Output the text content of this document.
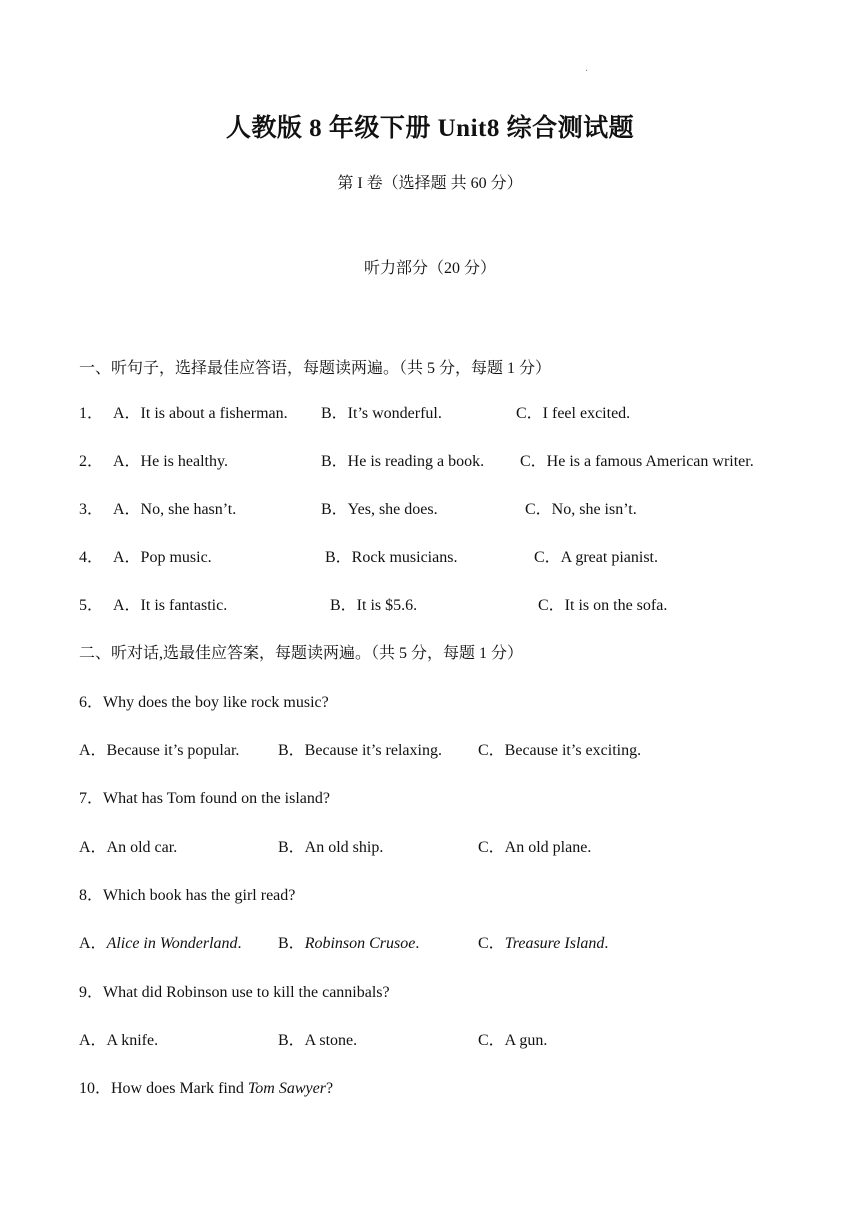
·
人教版 8 年级下册 Unit8 综合测试题
第 I 卷（选择题 共 60 分）
听力部分（20 分）
一、听句子，选择最佳应答语，每题读两遍。（共 5 分，每题 1 分）
1． A．It is about a fisherman. B．It’s wonderful.	C．I feel excited.
2． A．He is healthy.	B．He is reading a book. C．He is a famous American writer.
3． A．No, she hasn’t.	B．Yes, she does.	C．No, she isn’t.
4． A．Pop music.	B．Rock musicians.	C．A great pianist.
5． A．It is fantastic.	B．It is $5.6.	C．It is on the sofa.
二、听对话,选最佳应答案，每题读两遍。（共 5 分，每题 1 分）
6．Why does the boy like rock music?
A．Because it’s popular. B．Because it’s relaxing. C．Because it’s exciting.
7．What has Tom found on the island?
A．An old car.	B．An old ship.	C．An old plane.
8．Which book has the girl read?
A．Alice in Wonderland. B．Robinson Crusoe.	C．Treasure Island.
9．What did Robinson use to kill the cannibals?
A．A knife.	B．A stone.	C．A gun.
10．How does Mark find Tom Sawyer?
